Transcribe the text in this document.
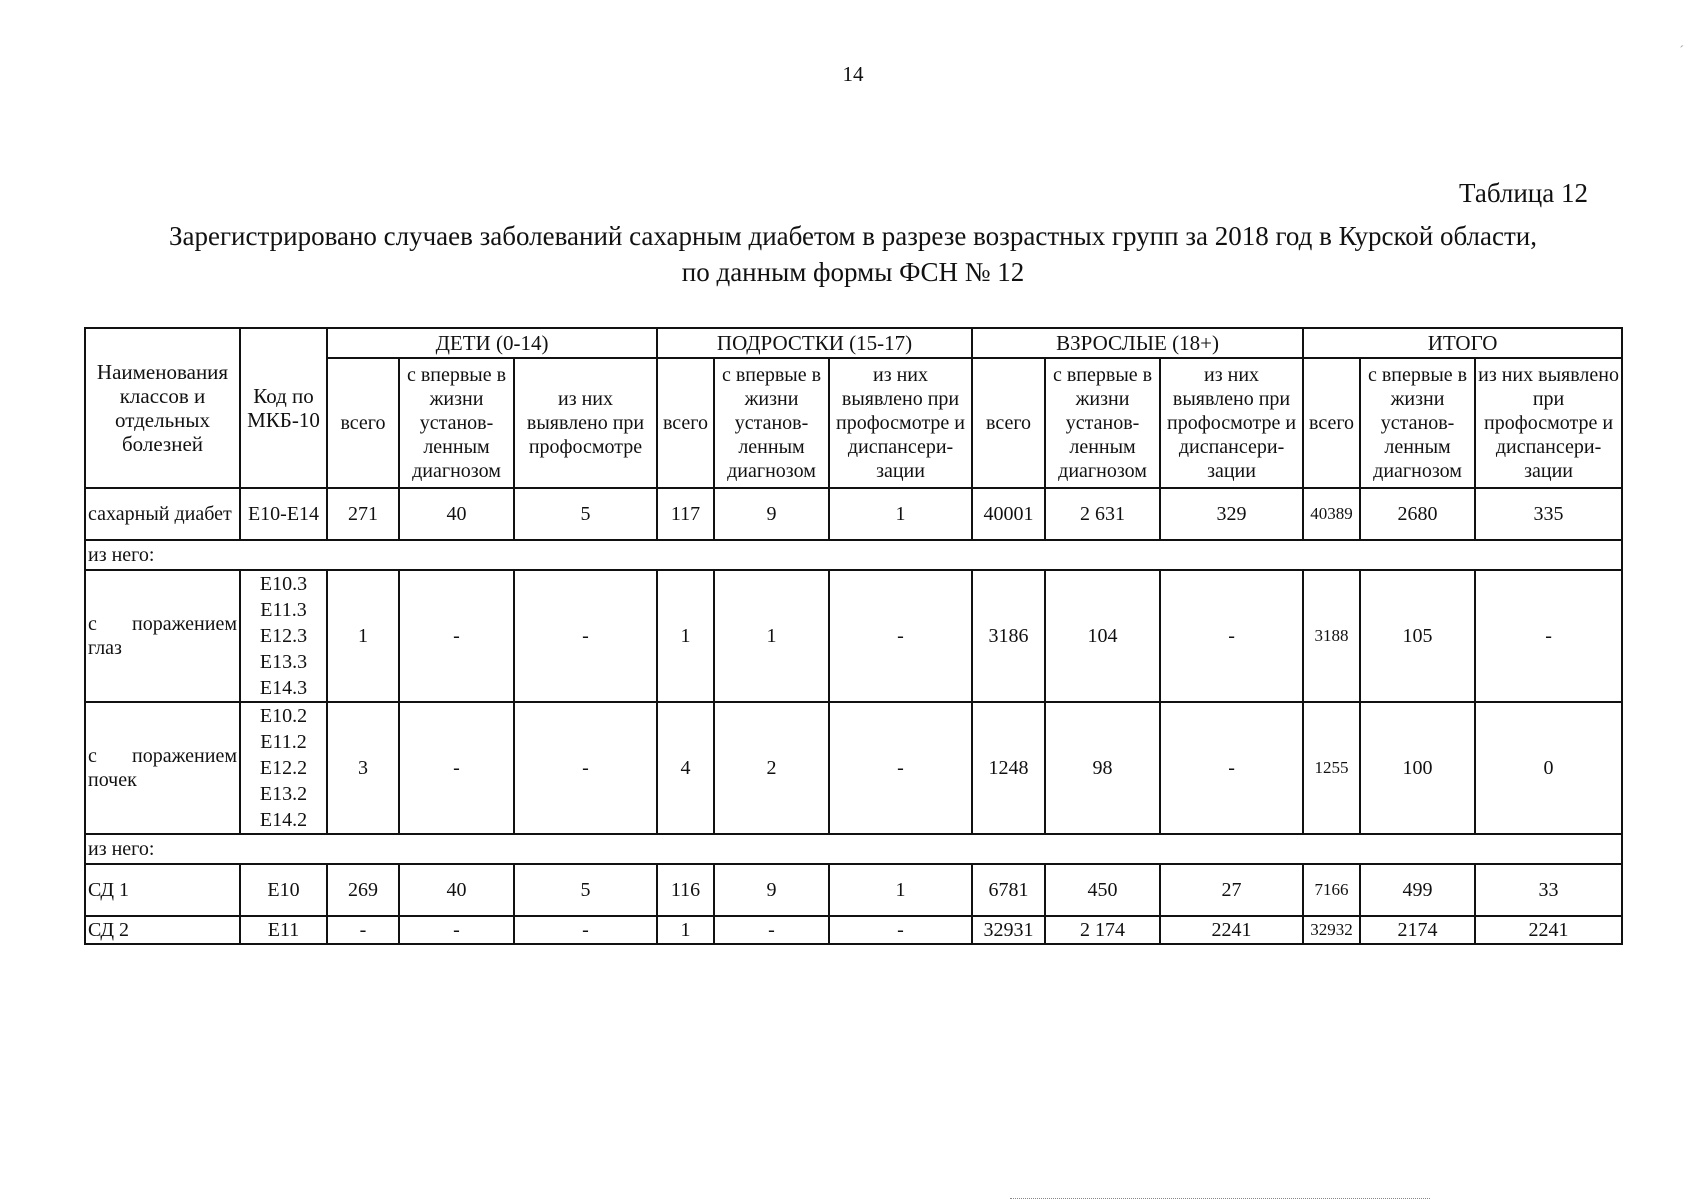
14
ˊ
Таблица 12
Зарегистрировано случаев заболеваний сахарным диабетом в разрезе возрастных групп за 2018 год в Курской области,
по данным формы ФСН № 12
Наименования классов и отдельных болезней	Код по МКБ-10	ДЕТИ (0-14)			ПОДРОСТКИ (15-17)			ВЗРОСЛЫЕ (18+)			ИТОГО		
		всего	с впервые в жизни установ-ленным диагнозом	из них выявлено при профосмотре	всего	с впервые в жизни установ-ленным диагнозом	из них выявлено при профосмотре и диспансери-зации	всего	с впервые в жизни установ-ленным диагнозом	из них выявлено при профосмотре и диспансери-зации	всего	с впервые в жизни установ-ленным диагнозом	из них выявлено при профосмотре и диспансери-зации
сахарный диабет	E10-E14	271	40	5	117	9	1	40001	2 631	329	40389	2680	335
из него:													
с поражением глаз	E10.3
E11.3
E12.3
E13.3
E14.3	1	-	-	1	1	-	3186	104	-	3188	105	-
с поражением почек	E10.2
E11.2
E12.2
E13.2
E14.2	3	-	-	4	2	-	1248	98	-	1255	100	0
из него:													
СД 1	E10	269	40	5	116	9	1	6781	450	27	7166	499	33
СД 2	E11	-	-	-	1	-	-	32931	2 174	2241	32932	2174	2241
